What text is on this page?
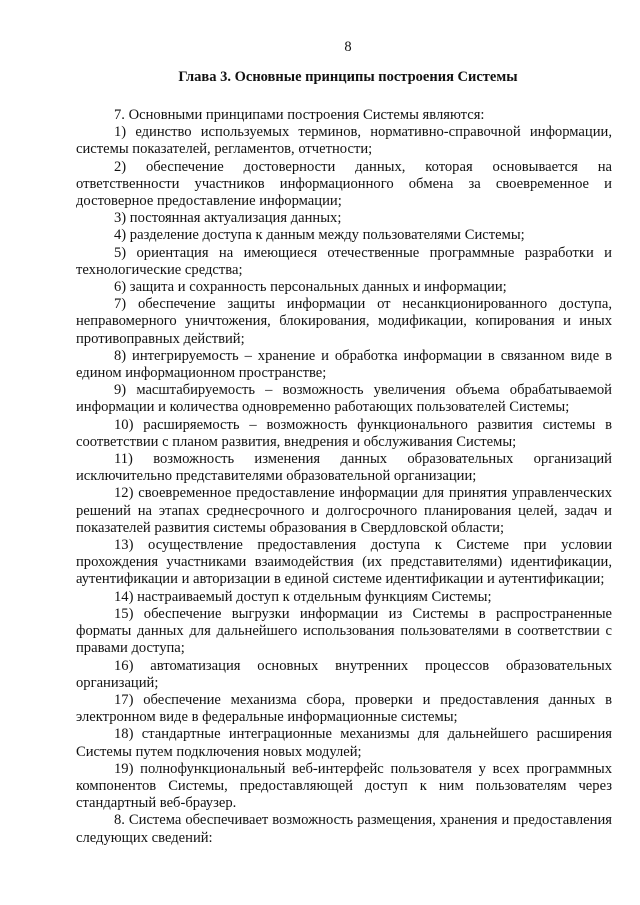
8
Глава 3. Основные принципы построения Системы

7. Основными принципами построения Системы являются:

1) единство используемых терминов, нормативно-справочной информации, системы показателей, регламентов, отчетности;

2) обеспечение достоверности данных, которая основывается на ответственности участников информационного обмена за своевременное и достоверное предоставление информации;

3) постоянная актуализация данных;

4) разделение доступа к данным между пользователями Системы;

5) ориентация на имеющиеся отечественные программные разработки и технологические средства;

6) защита и сохранность персональных данных и информации;

7) обеспечение защиты информации от несанкционированного доступа, неправомерного уничтожения, блокирования, модификации, копирования и иных противоправных действий;

8) интегрируемость – хранение и обработка информации в связанном виде в едином информационном пространстве;

9) масштабируемость – возможность увеличения объема обрабатываемой информации и количества одновременно работающих пользователей Системы;

10) расширяемость – возможность функционального развития системы в соответствии с планом развития, внедрения и обслуживания Системы;

11) возможность изменения данных образовательных организаций исключительно представителями образовательной организации;

12) своевременное предоставление информации для принятия управленческих решений на этапах среднесрочного и долгосрочного планирования целей, задач и показателей развития системы образования в Свердловской области;

13) осуществление предоставления доступа к Системе при условии прохождения участниками взаимодействия (их представителями) идентификации, аутентификации и авторизации в единой системе идентификации и аутентификации;

14) настраиваемый доступ к отдельным функциям Системы;

15) обеспечение выгрузки информации из Системы в распространенные форматы данных для дальнейшего использования пользователями в соответствии с правами доступа;

16) автоматизация основных внутренних процессов образовательных организаций;

17) обеспечение механизма сбора, проверки и предоставления данных в электронном виде в федеральные информационные системы;

18) стандартные интеграционные механизмы для дальнейшего расширения Системы путем подключения новых модулей;

19) полнофункциональный веб-интерфейс пользователя у всех программных компонентов Системы, предоставляющей доступ к ним пользователям через стандартный веб-браузер.

8. Система обеспечивает возможность размещения, хранения и предоставления следующих сведений:
